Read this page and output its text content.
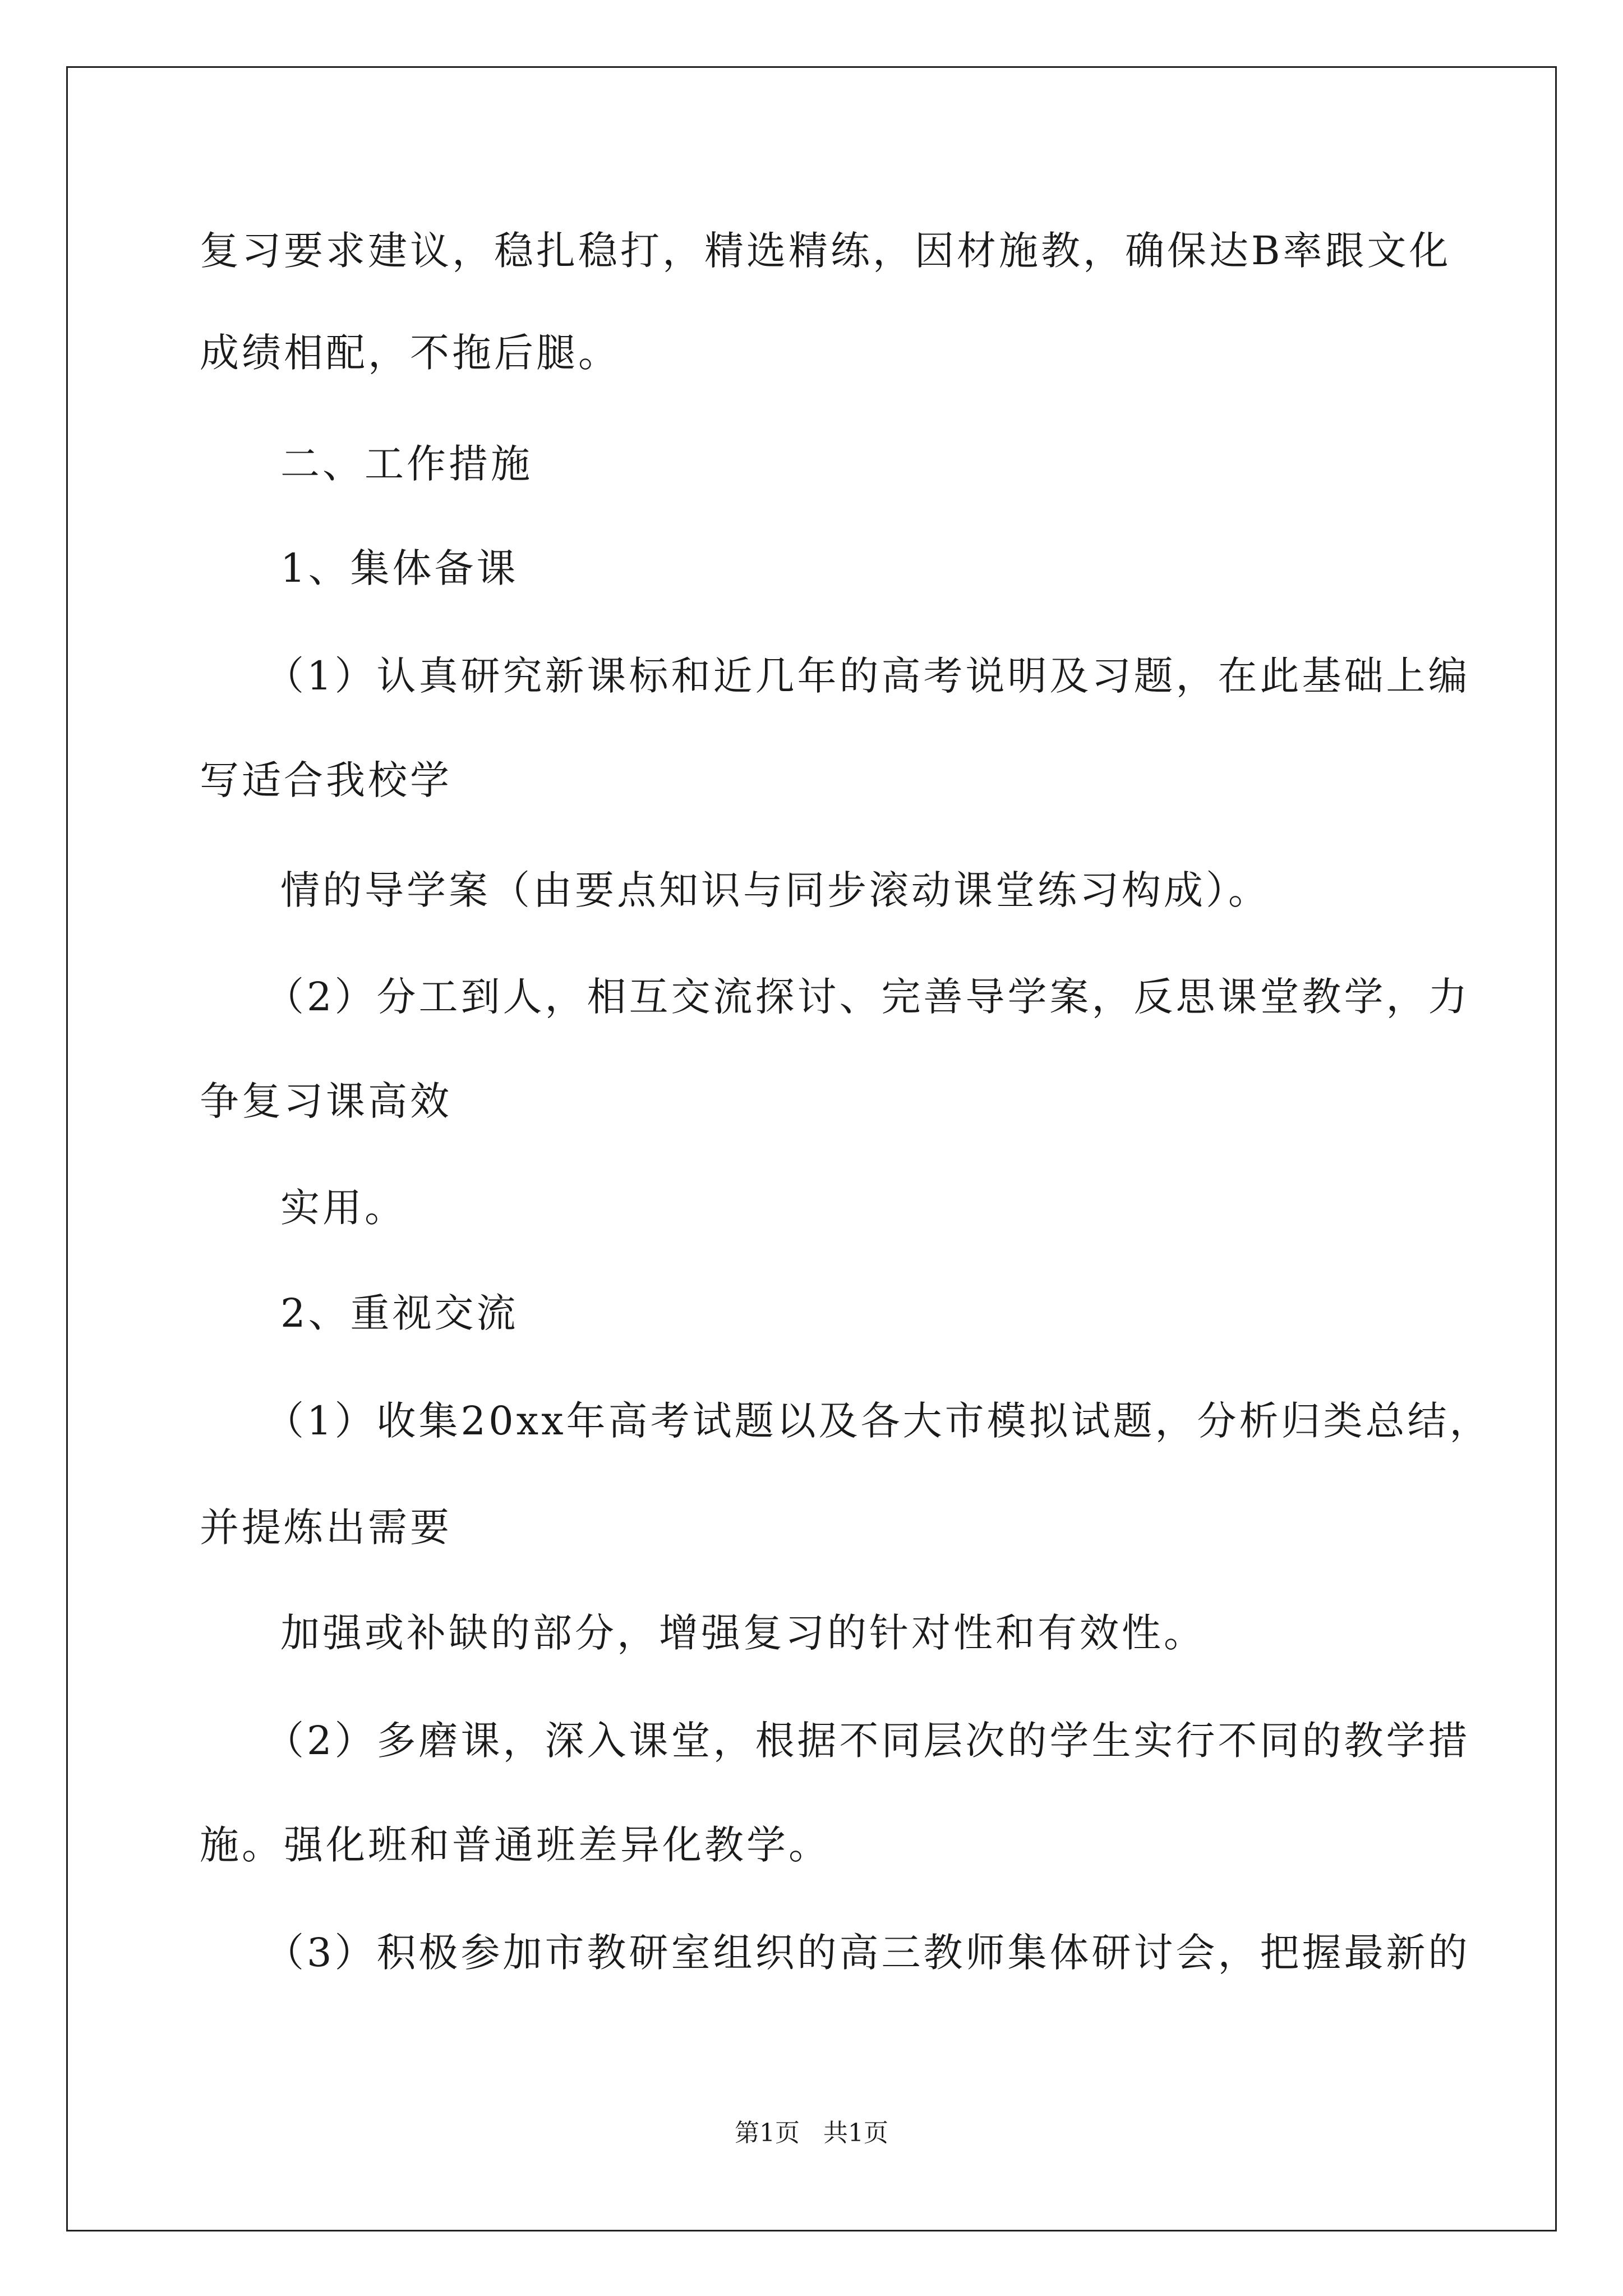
复习要求建议，稳扎稳打，精选精练，因材施教，确保达B率跟文化
成绩相配，不拖后腿。
二、工作措施
1、集体备课
（1）认真研究新课标和近几年的高考说明及习题，在此基础上编
写适合我校学
情的导学案（由要点知识与同步滚动课堂练习构成）。
（2）分工到人，相互交流探讨、完善导学案，反思课堂教学，力
争复习课高效
实用。
2、重视交流
（1）收集20xx年高考试题以及各大市模拟试题，分析归类总结，
并提炼出需要
加强或补缺的部分，增强复习的针对性和有效性。
（2）多磨课，深入课堂，根据不同层次的学生实行不同的教学措
施。强化班和普通班差异化教学。
（3）积极参加市教研室组织的高三教师集体研讨会，把握最新的
第1页   共1页
